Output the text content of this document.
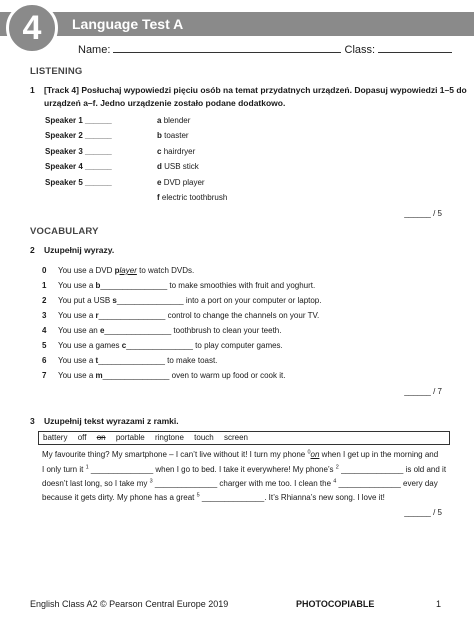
4 Language Test A
Name:	Class:
LISTENING
1 [Track 4] Posłuchaj wypowiedzi pięciu osób na temat przydatnych urządzeń. Dopasuj wypowiedzi 1–5 do
urządzeń a–f. Jedno urządzenie zostało podane dodatkowo.
Speaker 1 ______
Speaker 2 ______
Speaker 3 ______
Speaker 4 ______
Speaker 5 ______
a blender
b toaster
c hairdryer
d USB stick
e DVD player
f electric toothbrush
______ / 5
VOCABULARY
2 Uzupełnij wyrazy.
0 You use a DVD player to watch DVDs.
1 You use a b_______________ to make smoothies with fruit and yoghurt.
2 You put a USB s_______________ into a port on your computer or laptop.
3 You use a r_______________ control to change the channels on your TV.
4 You use an e_______________ toothbrush to clean your teeth.
5 You use a games c_______________ to play computer games.
6 You use a t_______________ to make toast.
7 You use a m_______________ oven to warm up food or cook it.
______ / 7
3 Uzupełnij tekst wyrazami z ramki.
battery off on portable ringtone touch screen
My favourite thing? My smartphone – I can’t live without it! I turn my phone $^0$on when I get up in the morning and
I only turn it $^1$ ______________ when I go to bed. I take it everywhere! My phone’s $^2$ ______________ is old and it
doesn’t last long, so I take my $^3$ ______________ charger with me too. I clean the $^4$ ______________ every day
because it gets dirty. My phone has a great $^5$ ______________. It’s Rhianna’s new song. I love it!
______ / 5
English Class A2 © Pearson Central Europe 2019	PHOTOCOPIABLE	1
